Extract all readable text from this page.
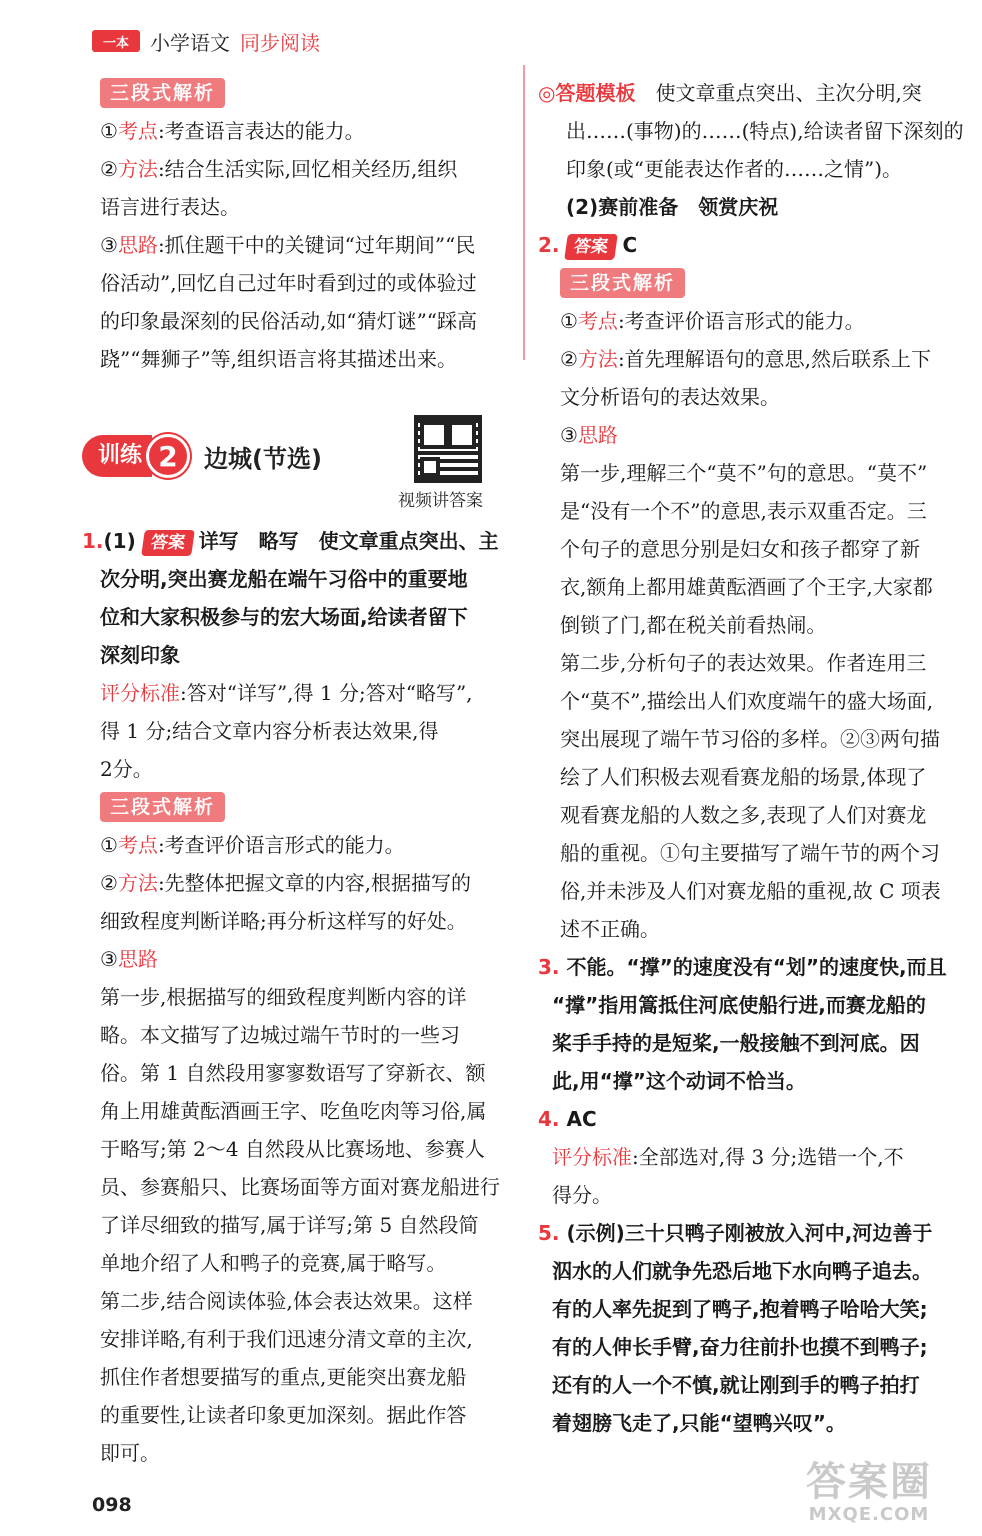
一本	小学语文 同步阅读
三段式解析
①考点:考查语言表达的能力。
②方法:结合生活实际,回忆相关经历,组织
语言进行表达。
③思路:抓住题干中的关键词“过年期间”“民
俗活动”,回忆自己过年时看到过的或体验过
的印象最深刻的民俗活动,如“猜灯谜”“踩高
跷”“舞狮子”等,组织语言将其描述出来。
训练 2	边城(节选)
视频讲答案
1.(1) 答案 详写　略写　使文章重点突出、主
次分明,突出赛龙船在端午习俗中的重要地
位和大家积极参与的宏大场面,给读者留下
深刻印象
评分标准:答对“详写”,得 1 分;答对“略写”,
得 1 分;结合文章内容分析表达效果,得
2分。
三段式解析
①考点:考查评价语言形式的能力。
②方法:先整体把握文章的内容,根据描写的
细致程度判断详略;再分析这样写的好处。
③思路
第一步,根据描写的细致程度判断内容的详
略。本文描写了边城过端午节时的一些习
俗。第 1 自然段用寥寥数语写了穿新衣、额
角上用雄黄酝酒画王字、吃鱼吃肉等习俗,属
于略写;第 2～4 自然段从比赛场地、参赛人
员、参赛船只、比赛场面等方面对赛龙船进行
了详尽细致的描写,属于详写;第 5 自然段简
单地介绍了人和鸭子的竞赛,属于略写。
第二步,结合阅读体验,体会表达效果。这样
安排详略,有利于我们迅速分清文章的主次,
抓住作者想要描写的重点,更能突出赛龙船
的重要性,让读者印象更加深刻。据此作答
即可。
◎答题模板　使文章重点突出、主次分明,突
出……(事物)的……(特点),给读者留下深刻的
印象(或“更能表达作者的……之情”)。
(2)赛前准备　领赏庆祝
2. 答案 C
三段式解析
①考点:考查评价语言形式的能力。
②方法:首先理解语句的意思,然后联系上下
文分析语句的表达效果。
③思路
第一步,理解三个“莫不”句的意思。“莫不”
是“没有一个不”的意思,表示双重否定。三
个句子的意思分别是妇女和孩子都穿了新
衣,额角上都用雄黄酝酒画了个王字,大家都
倒锁了门,都在税关前看热闹。
第二步,分析句子的表达效果。作者连用三
个“莫不”,描绘出人们欢度端午的盛大场面,
突出展现了端午节习俗的多样。②③两句描
绘了人们积极去观看赛龙船的场景,体现了
观看赛龙船的人数之多,表现了人们对赛龙
船的重视。①句主要描写了端午节的两个习
俗,并未涉及人们对赛龙船的重视,故 C 项表
述不正确。
3. 不能。“撑”的速度没有“划”的速度快,而且
“撑”指用篙抵住河底使船行进,而赛龙船的
桨手手持的是短桨,一般接触不到河底。因
此,用“撑”这个动词不恰当。
4. AC
评分标准:全部选对,得 3 分;选错一个,不
得分。
5. (示例)三十只鸭子刚被放入河中,河边善于
泅水的人们就争先恐后地下水向鸭子追去。
有的人率先捉到了鸭子,抱着鸭子哈哈大笑;
有的人伸长手臂,奋力往前扑也摸不到鸭子;
还有的人一个不慎,就让刚到手的鸭子拍打
着翅膀飞走了,只能“望鸭兴叹”。
098	答案圈
MXQE.COM
